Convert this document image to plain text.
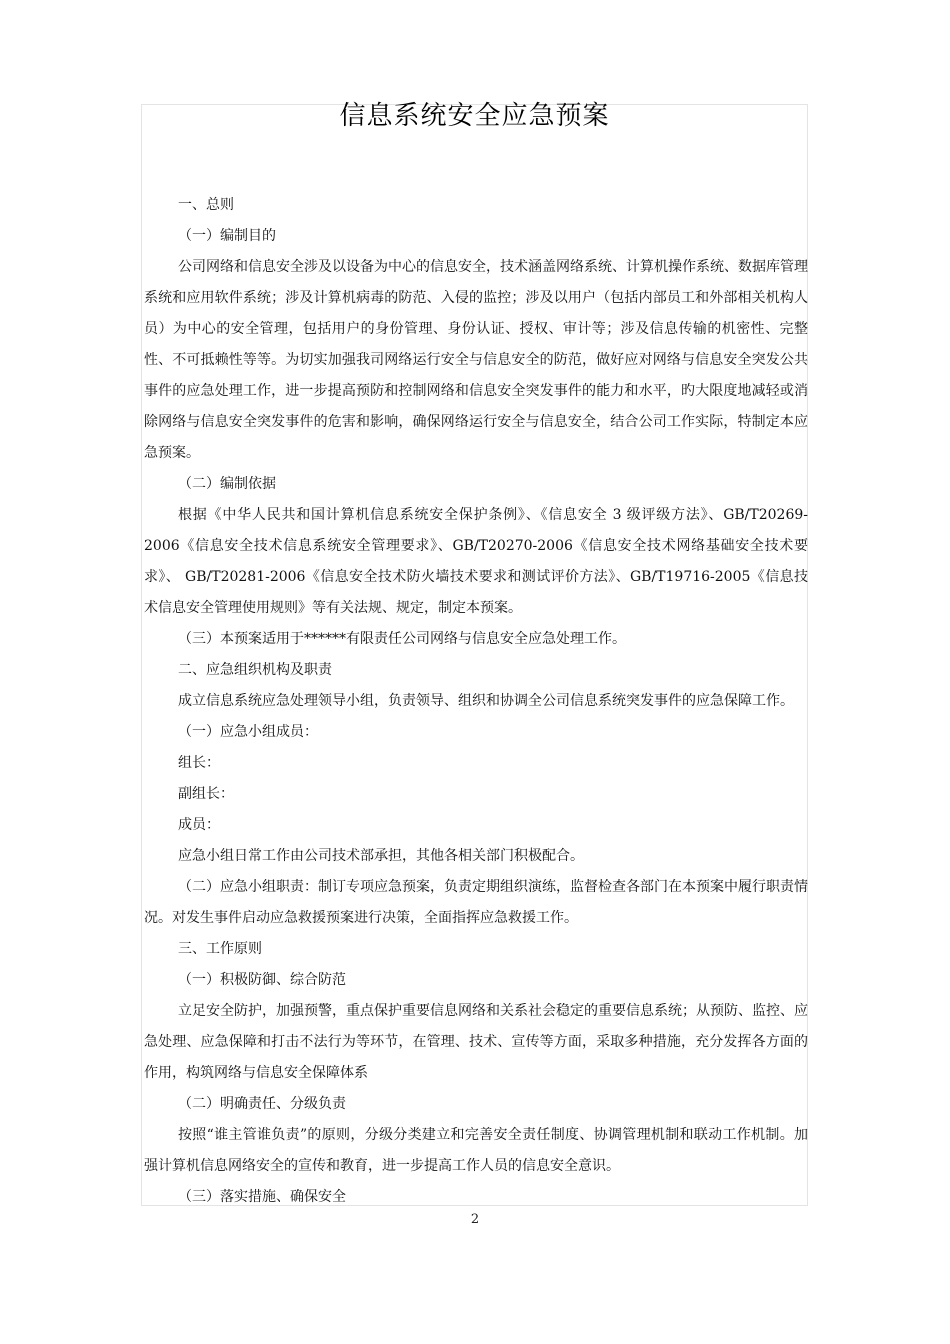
信息系统安全应急预案

一、总则

（一）编制目的

公司网络和信息安全涉及以设备为中心的信息安全，技术涵盖网络系统、计算机操作系统、数据库管理系统和应用软件系统；涉及计算机病毒的防范、入侵的监控；涉及以用户（包括内部员工和外部相关机构人员）为中心的安全管理，包括用户的身份管理、身份认证、授权、审计等；涉及信息传输的机密性、完整性、不可抵赖性等等。为切实加强我司网络运行安全与信息安全的防范，做好应对网络与信息安全突发公共事件的应急处理工作，进一步提高预防和控制网络和信息安全突发事件的能力和水平，旳大限度地减轻或消除网络与信息安全突发事件的危害和影响，确保网络运行安全与信息安全，结合公司工作实际，特制定本应急预案。

（二）编制依据

根据《中华人民共和国计算机信息系统安全保护条例》、《信息安全 3 级评级方法》、GB/T20269-2006《信息安全技术信息系统安全管理要求》、GB/T20270-2006《信息安全技术网络基础安全技术要求》、 GB/T20281-2006《信息安全技术防火墙技术要求和测试评价方法》、GB/T19716-2005《信息技术信息安全管理使用规则》等有关法规、规定，制定本预案。

（三）本预案适用于******有限责任公司网络与信息安全应急处理工作。

二、应急组织机构及职责

成立信息系统应急处理领导小组，负责领导、组织和协调全公司信息系统突发事件的应急保障工作。

（一）应急小组成员：

组长：

副组长：

成员：

应急小组日常工作由公司技术部承担，其他各相关部门积极配合。

（二）应急小组职责：制订专项应急预案，负责定期组织演练，监督检查各部门在本预案中履行职责情况。对发生事件启动应急救援预案进行决策，全面指挥应急救援工作。

三、工作原则

（一）积极防御、综合防范

立足安全防护，加强预警，重点保护重要信息网络和关系社会稳定的重要信息系统；从预防、监控、应急处理、应急保障和打击不法行为等环节，在管理、技术、宣传等方面，采取多种措施，充分发挥各方面的作用，构筑网络与信息安全保障体系

（二）明确责任、分级负责

按照“谁主管谁负责”的原则，分级分类建立和完善安全责任制度、协调管理机制和联动工作机制。加强计算机信息网络安全的宣传和教育，进一步提高工作人员的信息安全意识。

（三）落实措施、确保安全

2
